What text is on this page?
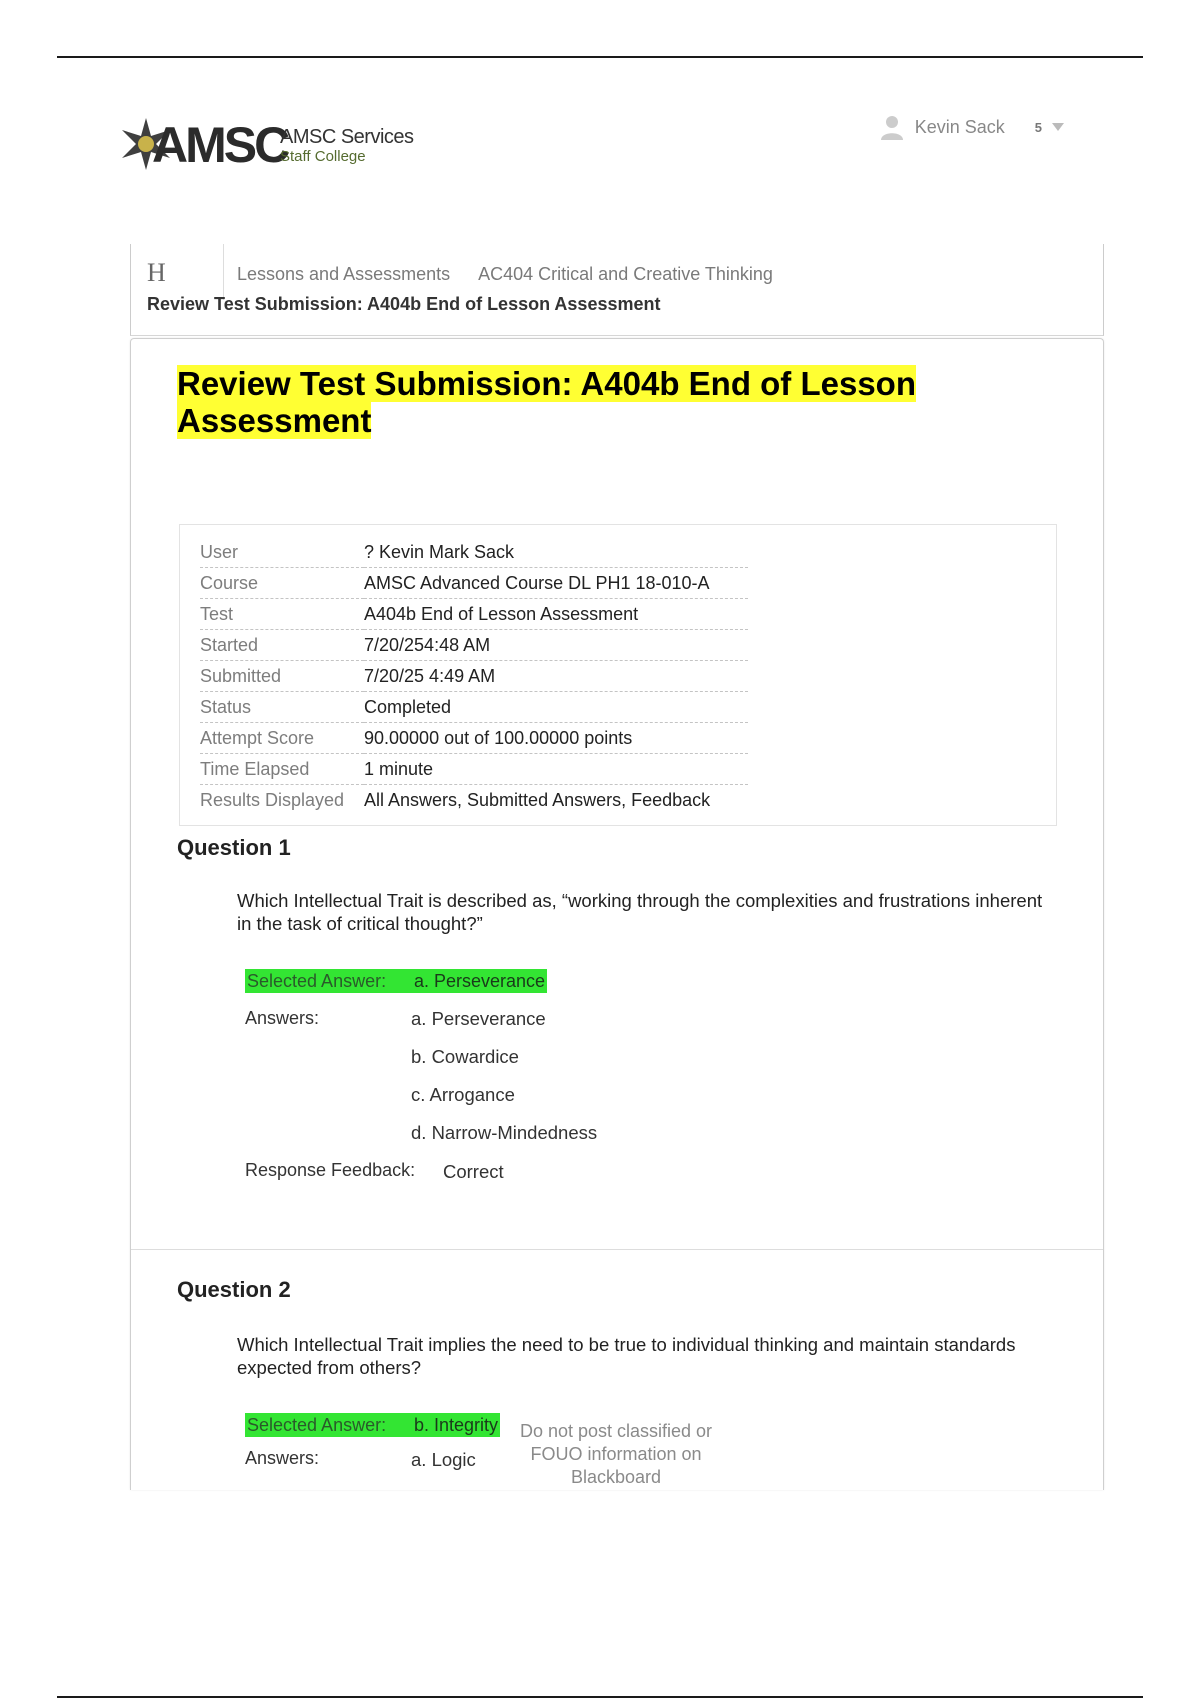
AMSC
AMSC Services
Staff College
Kevin Sack 5
H	Lessons and Assessments AC404 Critical and Creative Thinking
Review Test Submission: A404b End of Lesson Assessment
Review Test Submission: A404b End of Lesson Assessment
User	? Kevin Mark Sack
Course	AMSC Advanced Course DL PH1 18-010-A
Test	A404b End of Lesson Assessment
Started	7/20/254:48 AM
Submitted	7/20/25 4:49 AM
Status	Completed
Attempt Score	90.00000 out of 100.00000 points
Time Elapsed	1 minute
Results Displayed	All Answers, Submitted Answers, Feedback
Question 1

Which Intellectual Trait is described as, “working through the complexities and frustrations inherent in the task of critical thought?”

Selected Answer:	a. Perseverance
Answers:	a. Perseverance
b. Cowardice
c. Arrogance
d. Narrow-Mindedness
Response Feedback: Correct
Question 2

Which Intellectual Trait implies the need to be true to individual thinking and maintain standards expected from others?

Selected Answer:	b. Integrity
Answers:	a. Logic
Do not post classified or FOUO information on Blackboard
